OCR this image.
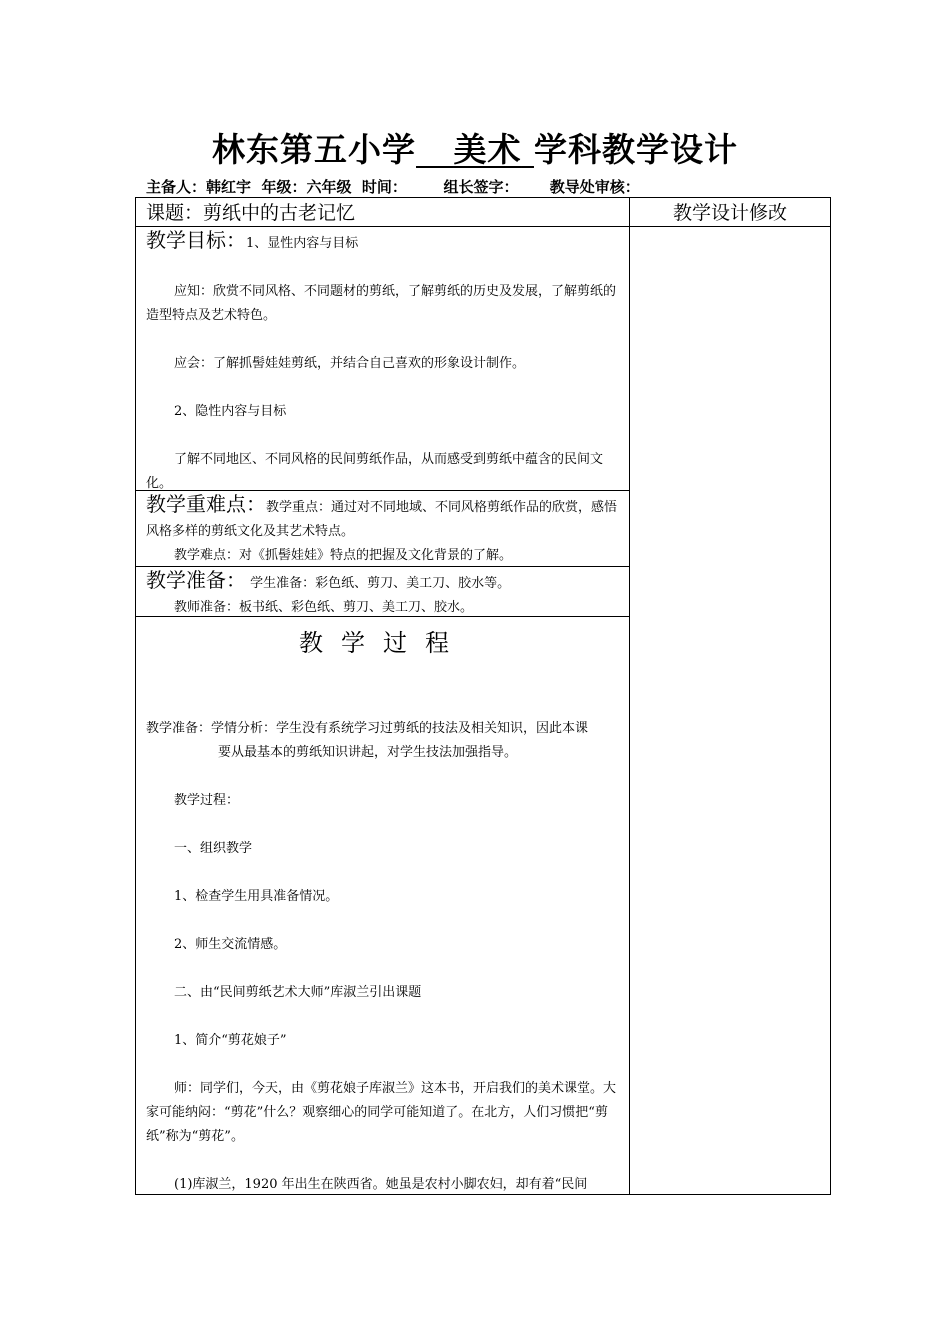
林东第五小学 美术 学科教学设计
主备人：韩红宇  年级：六年级  时间：       组长签字：      教导处审核：
课题：剪纸中的古老记忆	教学设计修改

教学目标：1、显性内容与目标

应知：欣赏不同风格、不同题材的剪纸，了解剪纸的历史及发展，了解剪纸的造型特点及艺术特色。

应会：了解抓髻娃娃剪纸，并结合自己喜欢的形象设计制作。

2、隐性内容与目标

了解不同地区、不同风格的民间剪纸作品，从而感受到剪纸中蕴含的民间文化。

教学重难点：教学重点：通过对不同地域、不同风格剪纸作品的欣赏，感悟风格多样的剪纸文化及其艺术特点。

教学难点：对《抓髻娃娃》特点的把握及文化背景的了解。

教学准备： 学生准备：彩色纸、剪刀、美工刀、胶水等。

教师准备：板书纸、彩色纸、剪刀、美工刀、胶水。

教学过程

教学准备：学情分析：学生没有系统学习过剪纸的技法及相关知识，因此本课

要从最基本的剪纸知识讲起，对学生技法加强指导。

教学过程：

一、组织教学

1、检查学生用具准备情况。

2、师生交流情感。

二、由“民间剪纸艺术大师”库淑兰引出课题

1、简介“剪花娘子”

师：同学们，今天，由《剪花娘子库淑兰》这本书，开启我们的美术课堂。大家可能纳闷：“剪花”什么？观察细心的同学可能知道了。在北方，人们习惯把“剪纸”称为“剪花”。

(1)库淑兰，1920 年出生在陕西省。她虽是农村小脚农妇，却有着“民间
